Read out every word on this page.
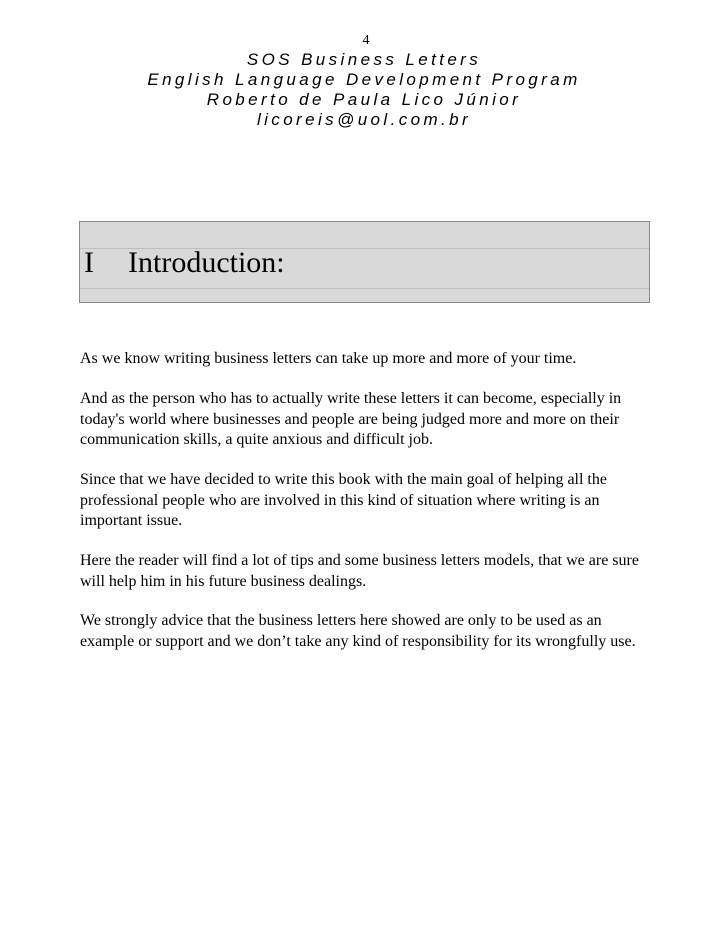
4
SOS Business Letters
English Language Development Program
Roberto de Paula Lico Júnior
licoreis@uol.com.br
I Introduction:
As we know writing business letters can take up more and more of your time.
And as the person who has to actually write these letters it can become, especially in today's world where businesses and people are being judged more and more on their communication skills, a quite anxious and difficult job.
Since that we have decided to write this book with the main goal of helping all the professional people who are involved in this kind of situation where writing is an important issue.
Here the reader will find a lot of tips and some business letters models, that we are sure will help him in his future business dealings.
We strongly advice that the business letters here showed are only to be used as an example or support and we don’t take any kind of responsibility for its wrongfully use.
